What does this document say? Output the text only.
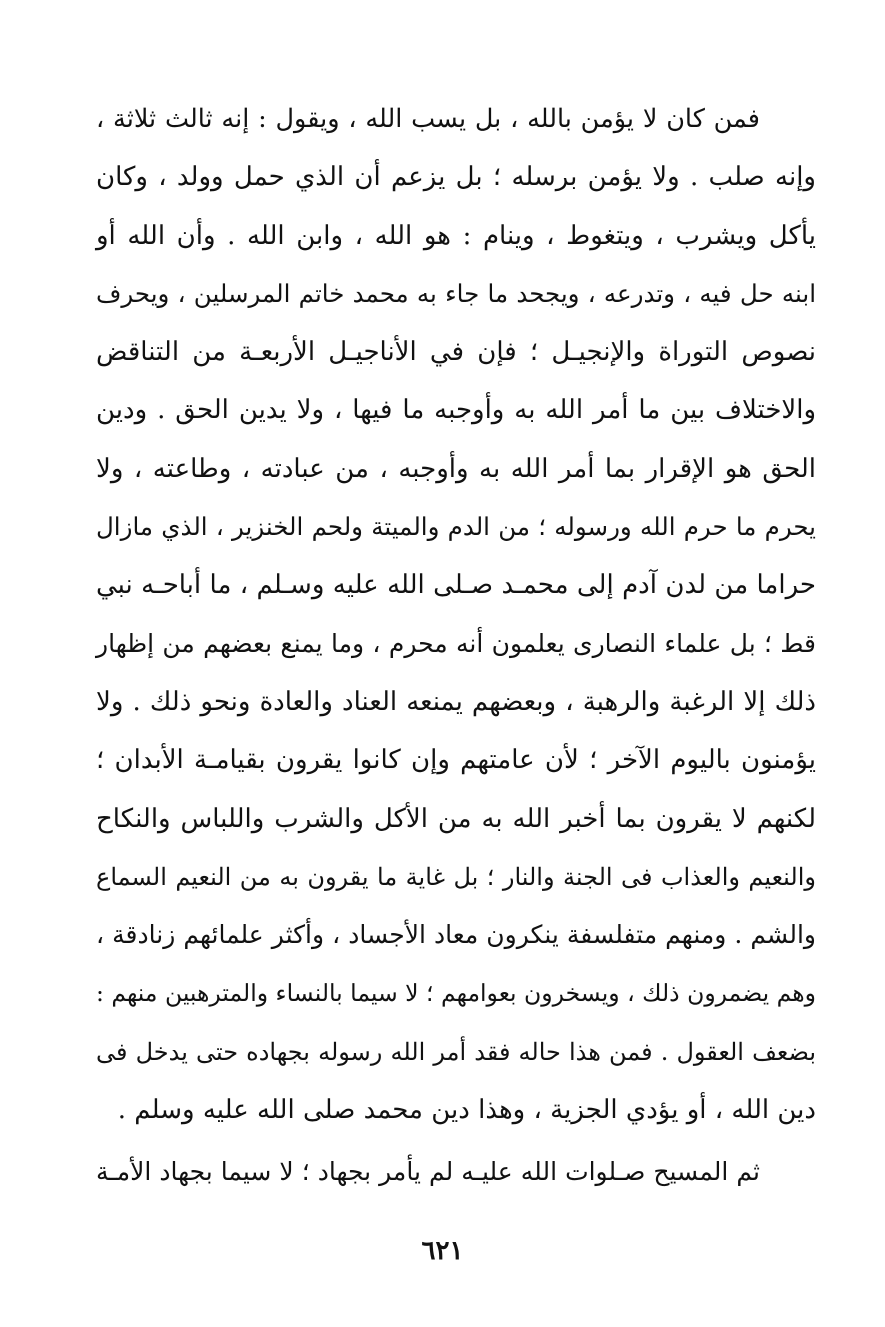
فمن كان لا يؤمن بالله ، بل يسب الله ، ويقول : إنه ثالث ثلاثة ،
وإنه صلب . ولا يؤمن برسله ؛ بل يزعم أن الذي حمل وولد ، وكان
يأكل ويشرب ، ويتغوط ، وينام : هو الله ، وابن الله . وأن الله أو
ابنه حل فيه ، وتدرعه ، ويجحد ما جاء به محمد خاتم المرسلين ، ويحرف
نصوص التوراة والإنجيـل ؛ فإن في الأناجيـل الأربعـة من التناقض
والاختلاف بين ما أمر الله به وأوجبه ما فيها ، ولا يدين الحق . ودين
الحق هو الإقرار بما أمر الله به وأوجبه ، من عبادته ، وطاعته ، ولا
يحرم ما حرم الله ورسوله ؛ من الدم والميتة ولحم الخنزير ، الذي مازال
حراما من لدن آدم إلى محمـد صـلى الله عليه وسـلم ، ما أباحـه نبي
قط ؛ بل علماء النصارى يعلمون أنه محرم ، وما يمنع بعضهم من إظهار
ذلك إلا الرغبة والرهبة ، وبعضهم يمنعه العناد والعادة ونحو ذلك . ولا
يؤمنون باليوم الآخر ؛ لأن عامتهم وإن كانوا يقرون بقيامـة الأبدان ؛
لكنهم لا يقرون بما أخبر الله به من الأكل والشرب واللباس والنكاح
والنعيم والعذاب فى الجنة والنار ؛ بل غاية ما يقرون به من النعيم السماع
والشم . ومنهم متفلسفة ينكرون معاد الأجساد ، وأكثر علمائهم زنادقة ،
وهم يضمرون ذلك ، ويسخرون بعوامهم ؛ لا سيما بالنساء والمترهبين منهم :
بضعف العقول . فمن هذا حاله فقد أمر الله رسوله بجهاده حتى يدخل فى
دين الله ، أو يؤدي الجزية ، وهذا دين محمد صلى الله عليه وسلم .
ثم المسيح صـلوات الله عليـه لم يأمر بجهاد ؛ لا سيما بجهاد الأمـة
٦٢١
